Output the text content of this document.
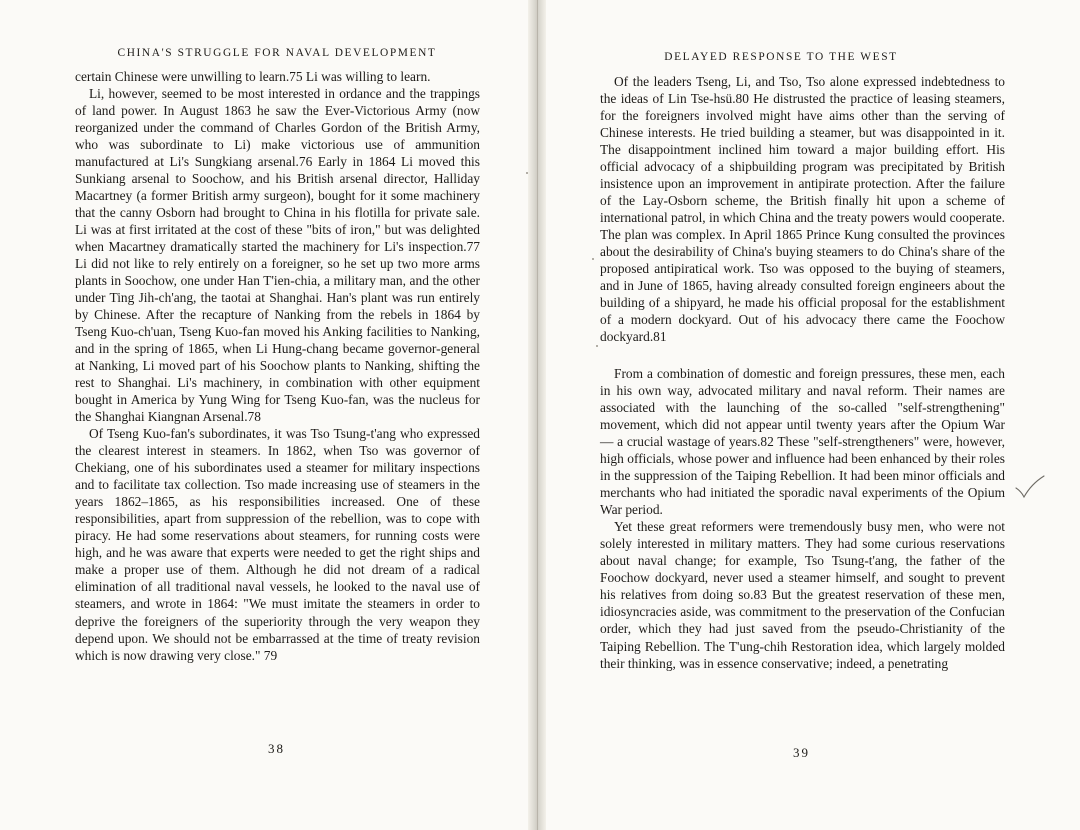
CHINA'S STRUGGLE FOR NAVAL DEVELOPMENT

certain Chinese were unwilling to learn.75 Li was willing to learn.

Li, however, seemed to be most interested in ordance and the trappings of land power. In August 1863 he saw the Ever-Victorious Army (now reorganized under the command of Charles Gordon of the British Army, who was subordinate to Li) make victorious use of ammunition manufactured at Li's Sungkiang arsenal.76 Early in 1864 Li moved this Sunkiang arsenal to Soochow, and his British arsenal director, Halliday Macartney (a former British army surgeon), bought for it some machinery that the canny Osborn had brought to China in his flotilla for private sale. Li was at first irritated at the cost of these "bits of iron," but was delighted when Macartney dramatically started the machinery for Li's inspection.77 Li did not like to rely entirely on a foreigner, so he set up two more arms plants in Soochow, one under Han T'ien-chia, a military man, and the other under Ting Jih-ch'ang, the taotai at Shanghai. Han's plant was run entirely by Chinese. After the recapture of Nanking from the rebels in 1864 by Tseng Kuo-ch'uan, Tseng Kuo-fan moved his Anking facilities to Nanking, and in the spring of 1865, when Li Hung-chang became governor-general at Nanking, Li moved part of his Soochow plants to Nanking, shifting the rest to Shanghai. Li's machinery, in combination with other equipment bought in America by Yung Wing for Tseng Kuo-fan, was the nucleus for the Shanghai Kiangnan Arsenal.78

Of Tseng Kuo-fan's subordinates, it was Tso Tsung-t'ang who expressed the clearest interest in steamers. In 1862, when Tso was governor of Chekiang, one of his subordinates used a steamer for military inspections and to facilitate tax collection. Tso made increasing use of steamers in the years 1862–1865, as his responsibilities increased. One of these responsibilities, apart from suppression of the rebellion, was to cope with piracy. He had some reservations about steamers, for running costs were high, and he was aware that experts were needed to get the right ships and make a proper use of them. Although he did not dream of a radical elimination of all traditional naval vessels, he looked to the naval use of steamers, and wrote in 1864: "We must imitate the steamers in order to deprive the foreigners of the superiority through the very weapon they depend upon. We should not be embarrassed at the time of treaty revision which is now drawing very close." 79

38
DELAYED RESPONSE TO THE WEST

Of the leaders Tseng, Li, and Tso, Tso alone expressed indebtedness to the ideas of Lin Tse-hsü.80 He distrusted the practice of leasing steamers, for the foreigners involved might have aims other than the serving of Chinese interests. He tried building a steamer, but was disappointed in it. The disappointment inclined him toward a major building effort. His official advocacy of a shipbuilding program was precipitated by British insistence upon an improvement in antipirate protection. After the failure of the Lay-Osborn scheme, the British finally hit upon a scheme of international patrol, in which China and the treaty powers would cooperate. The plan was complex. In April 1865 Prince Kung consulted the provinces about the desirability of China's buying steamers to do China's share of the proposed antipiratical work. Tso was opposed to the buying of steamers, and in June of 1865, having already consulted foreign engineers about the building of a shipyard, he made his official proposal for the establishment of a modern dockyard. Out of his advocacy there came the Foochow dockyard.81

From a combination of domestic and foreign pressures, these men, each in his own way, advocated military and naval reform. Their names are associated with the launching of the so-called "self-strengthening" movement, which did not appear until twenty years after the Opium War — a crucial wastage of years.82 These "self-strengtheners" were, however, high officials, whose power and influence had been enhanced by their roles in the suppression of the Taiping Rebellion. It had been minor officials and merchants who had initiated the sporadic naval experiments of the Opium War period.

Yet these great reformers were tremendously busy men, who were not solely interested in military matters. They had some curious reservations about naval change; for example, Tso Tsung-t'ang, the father of the Foochow dockyard, never used a steamer himself, and sought to prevent his relatives from doing so.83 But the greatest reservation of these men, idiosyncracies aside, was commitment to the preservation of the Confucian order, which they had just saved from the pseudo-Christianity of the Taiping Rebellion. The T'ung-chih Restoration idea, which largely molded their thinking, was in essence conservative; indeed, a penetrating

39
